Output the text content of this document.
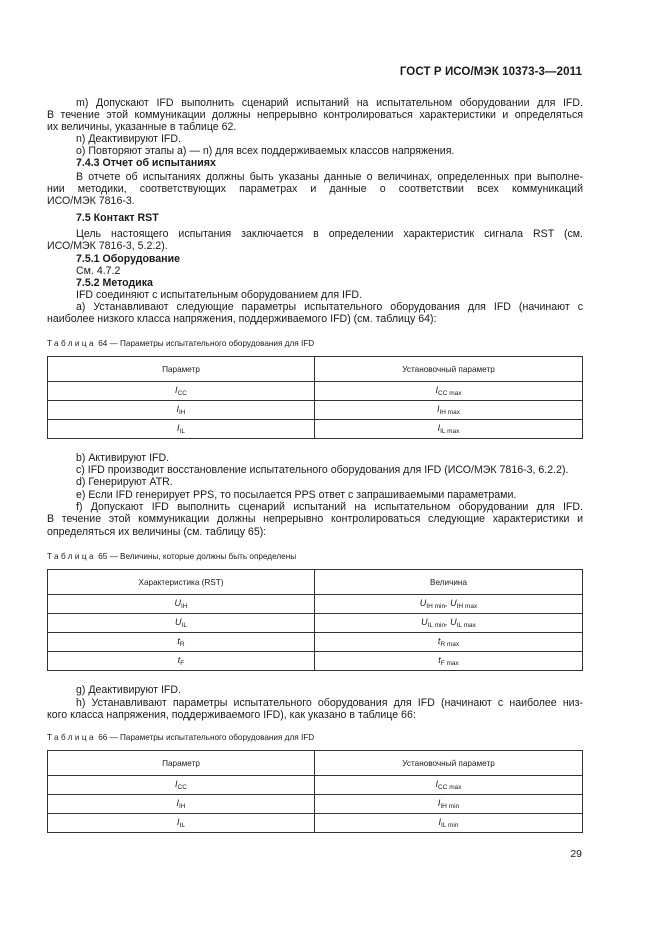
ГОСТ Р ИСО/МЭК 10373-3—2011
m) Допускают IFD выполнить сценарий испытаний на испытательном оборудовании для IFD.
В течение этой коммуникации должны непрерывно контролироваться характеристики и определяться
их величины, указанные в таблице 62.
n) Деактивируют IFD.
o) Повторяют этапы а) — n) для всех поддерживаемых классов напряжения.
7.4.3 Отчет об испытаниях
В отчете об испытаниях должны быть указаны данные о величинах, определенных при выполне-
нии методики, соответствующих параметрах и данные о соответствии всех коммуникаций
ИСО/МЭК 7816-3.
7.5 Контакт RST
Цель настоящего испытания заключается в определении характеристик сигнала RST (см.
ИСО/МЭК 7816-3, 5.2.2).
7.5.1 Оборудование
См. 4.7.2
7.5.2 Методика
IFD соединяют с испытательным оборудованием для IFD.
а) Устанавливают следующие параметры испытательного оборудования для IFD (начинают с
наиболее низкого класса напряжения, поддерживаемого IFD) (см. таблицу 64):
Таблица 64 — Параметры испытательного оборудования для IFD
Параметр	Установочный параметр
$I_{CC}$	$I_{CC max}$
$I_{IH}$	$I_{IH max}$
$I_{IL}$	$I_{IL max}$
b) Активируют IFD.
c) IFD производит восстановление испытательного оборудования для IFD (ИСО/МЭК 7816-3, 6.2.2).
d) Генерируют ATR.
e) Если IFD генерирует PPS, то посылается PPS ответ с запрашиваемыми параметрами.
f) Допускают IFD выполнить сценарий испытаний на испытательном оборудовании для IFD.
В течение этой коммуникации должны непрерывно контролироваться следующие характеристики и
определяться их величины (см. таблицу 65):
Таблица 65 — Величины, которые должны быть определены
Характеристика (RST)	Величина
$U_{IH}$	$U_{IH min}$, $U_{IH max}$
$U_{IL}$	$U_{IL min}$, $U_{IL max}$
$t_R$	$t_{R max}$
$t_F$	$t_{F max}$
g) Деактивируют IFD.
h) Устанавливают параметры испытательного оборудования для IFD (начинают с наиболее низ-
кого класса напряжения, поддерживаемого IFD), как указано в таблице 66:
Таблица 66 — Параметры испытательного оборудования для IFD
Параметр	Установочный параметр
$I_{CC}$	$I_{CC max}$
$I_{IH}$	$I_{IH min}$
$I_{IL}$	$I_{IL min}$
29
